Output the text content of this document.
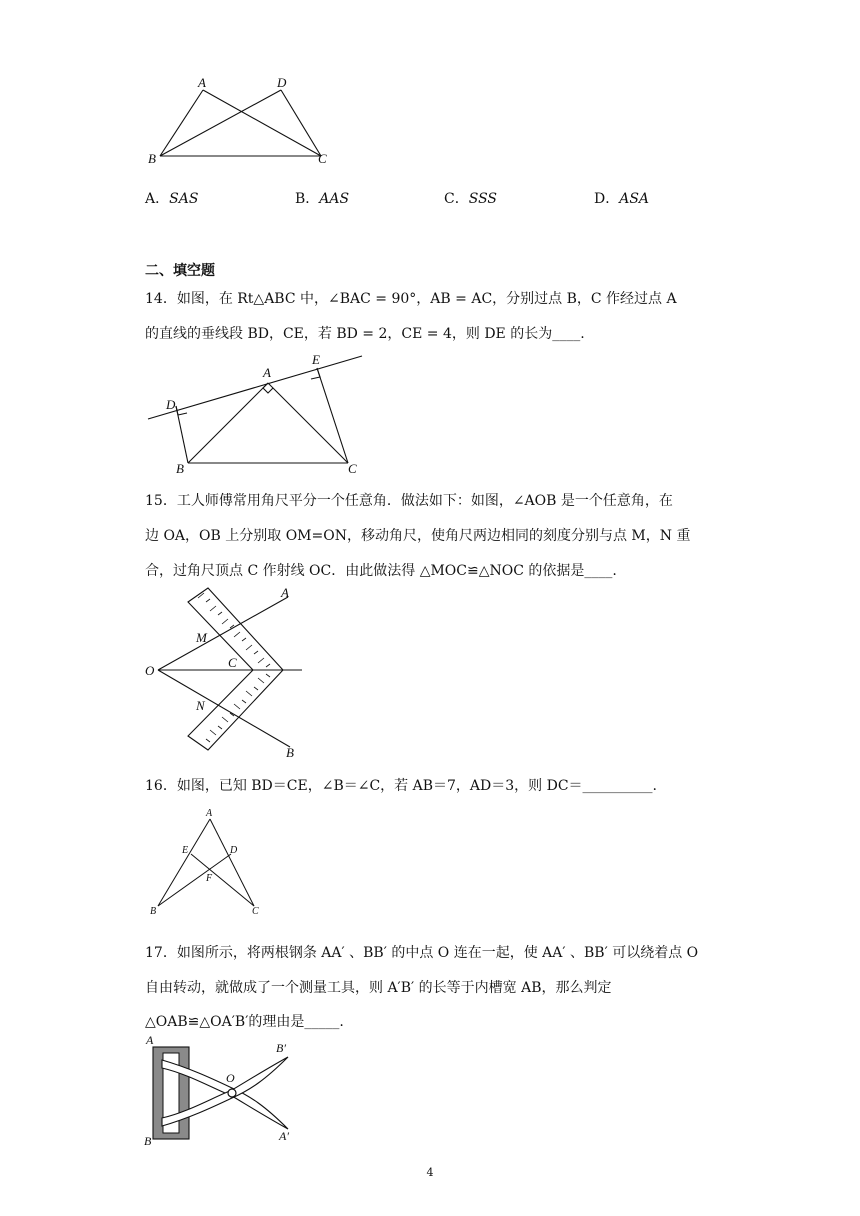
A	D
B	C
A．SAS	B．AAS	C．SSS	D．ASA
二、填空题
14．如图，在 Rt△ABC 中，∠BAC = 90°，AB = AC，分别过点 B，C 作经过点 A
的直线的垂线段 BD，CE，若 BD = 2，CE = 4，则 DE 的长为____.
D
E
A
B	C
15．工人师傅常用角尺平分一个任意角．做法如下：如图，∠AOB 是一个任意角，在
边 OA，OB 上分别取 OM=ON，移动角尺，使角尺两边相同的刻度分别与点 M，N 重
合，过角尺顶点 C 作射线 OC．由此做法得 △MOC≌△NOC 的依据是____.
A
M
O
C
N
B
16．如图，已知 BD＝CE，∠B＝∠C，若 AB＝7，AD＝3，则 DC＝__________.
A
E	D
F
B	C
17．如图所示，将两根钢条 AA′ 、BB′ 的中点 O 连在一起，使 AA′ 、BB′ 可以绕着点 O
自由转动，就做成了一个测量工具，则 A′B′ 的长等于内槽宽 AB，那么判定
△OAB≌△OA′B′的理由是_____.
A
B
O
B′
A′
4
